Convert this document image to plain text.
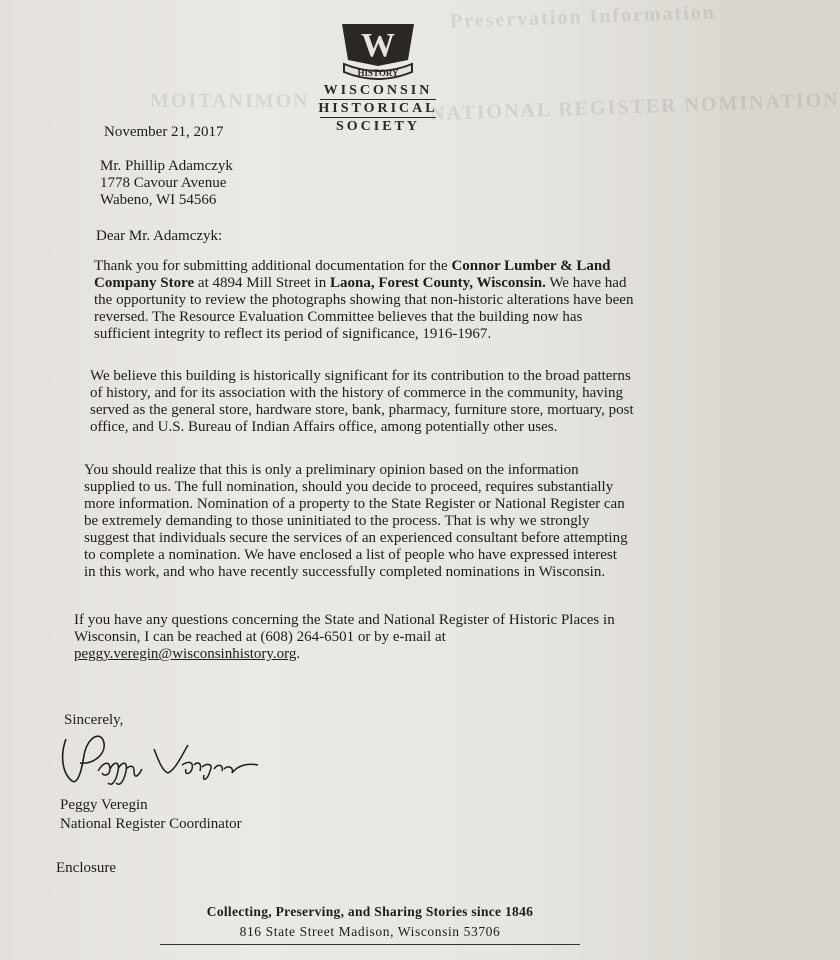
Preservation Information
NATIONAL REGISTER NOMINATION
MOITANIMON
W
HISTORY
WISCONSIN
HISTORICAL
SOCIETY
November 21, 2017
Mr. Phillip Adamczyk
1778 Cavour Avenue
Wabeno, WI 54566
Dear Mr. Adamczyk:
Thank you for submitting additional documentation for the Connor Lumber & Land
Company Store at 4894 Mill Street in Laona, Forest County, Wisconsin. We have had
the opportunity to review the photographs showing that non-historic alterations have been
reversed. The Resource Evaluation Committee believes that the building now has
sufficient integrity to reflect its period of significance, 1916-1967.
We believe this building is historically significant for its contribution to the broad patterns
of history, and for its association with the history of commerce in the community, having
served as the general store, hardware store, bank, pharmacy, furniture store, mortuary, post
office, and U.S. Bureau of Indian Affairs office, among potentially other uses.
You should realize that this is only a preliminary opinion based on the information
supplied to us. The full nomination, should you decide to proceed, requires substantially
more information. Nomination of a property to the State Register or National Register can
be extremely demanding to those uninitiated to the process. That is why we strongly
suggest that individuals secure the services of an experienced consultant before attempting
to complete a nomination. We have enclosed a list of people who have expressed interest
in this work, and who have recently successfully completed nominations in Wisconsin.
If you have any questions concerning the State and National Register of Historic Places in
Wisconsin, I can be reached at (608) 264-6501 or by e-mail at
peggy.veregin@wisconsinhistory.org.
Sincerely,
Peggy Veregin
National Register Coordinator
Enclosure
Collecting, Preserving, and Sharing Stories since 1846
816 State Street Madison, Wisconsin 53706
